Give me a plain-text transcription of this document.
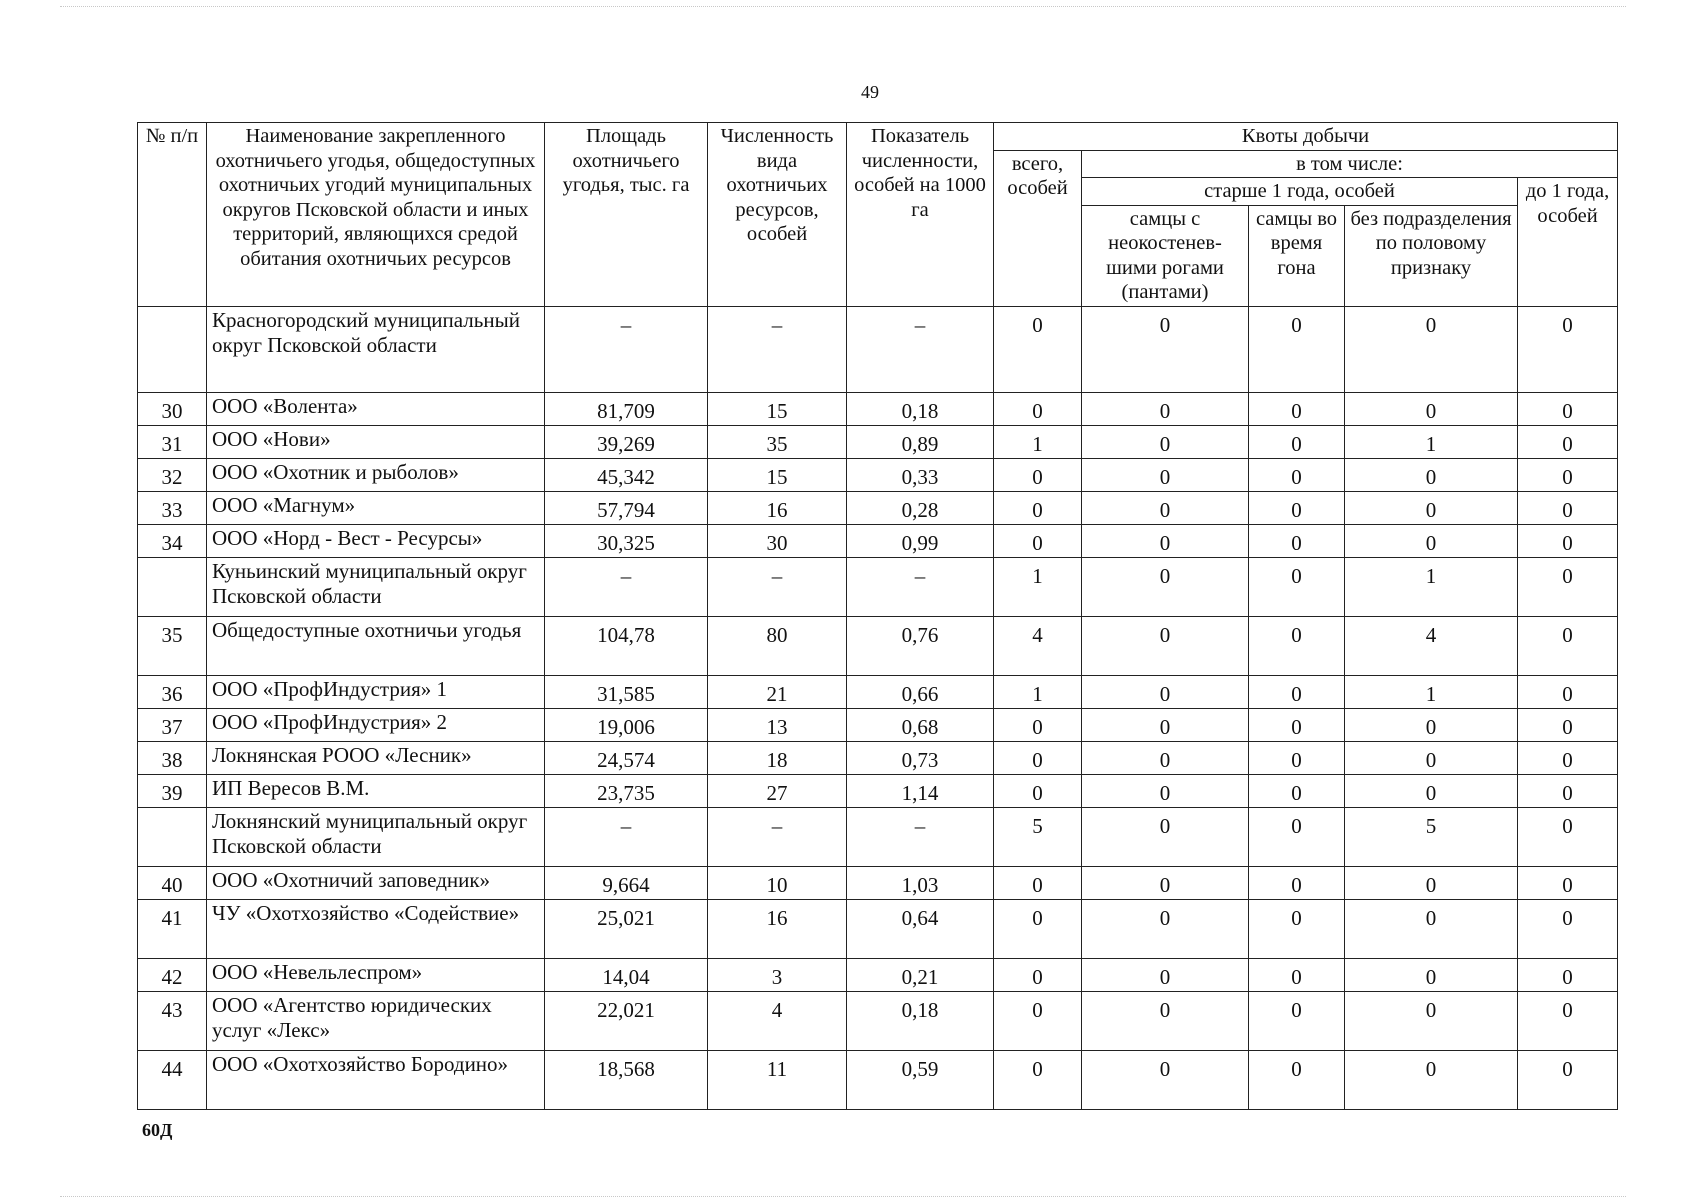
49
№ п/п	Наименование закрепленного охотничьего угодья, общедоступных охотничьих угодий муниципальных округов Псковской области и иных территорий, являющихся средой обитания охотничьих ресурсов	Площадь охотничьего угодья, тыс. га	Численность вида охотничьих ресурсов, особей	Показатель численности, особей на 1000 га	Квоты добычи				
					всего, особей	в том числе:			
						старше 1 года, особей			до 1 года, особей
						самцы с неокостенев-шими рогами (пантами)	самцы во время гона	без подразделения по половому признаку	
	Красногородский муниципальный округ Псковской области	–	–	–	0	0	0	0	0
30	ООО «Волента»	81,709	15	0,18	0	0	0	0	0
31	ООО «Нови»	39,269	35	0,89	1	0	0	1	0
32	ООО «Охотник и рыболов»	45,342	15	0,33	0	0	0	0	0
33	ООО «Магнум»	57,794	16	0,28	0	0	0	0	0
34	ООО «Норд - Вест - Ресурсы»	30,325	30	0,99	0	0	0	0	0
	Куньинский муниципальный округ Псковской области	–	–	–	1	0	0	1	0
35	Общедоступные охотничьи угодья	104,78	80	0,76	4	0	0	4	0
36	ООО «ПрофИндустрия» 1	31,585	21	0,66	1	0	0	1	0
37	ООО «ПрофИндустрия» 2	19,006	13	0,68	0	0	0	0	0
38	Локнянская РООО «Лесник»	24,574	18	0,73	0	0	0	0	0
39	ИП Вересов В.М.	23,735	27	1,14	0	0	0	0	0
	Локнянский муниципальный округ Псковской области	–	–	–	5	0	0	5	0
40	ООО «Охотничий заповедник»	9,664	10	1,03	0	0	0	0	0
41	ЧУ «Охотхозяйство «Содействие»	25,021	16	0,64	0	0	0	0	0
42	ООО «Невельлеспром»	14,04	3	0,21	0	0	0	0	0
43	ООО «Агентство юридических услуг «Лекс»	22,021	4	0,18	0	0	0	0	0
44	ООО «Охотхозяйство Бородино»	18,568	11	0,59	0	0	0	0	0
60Д
